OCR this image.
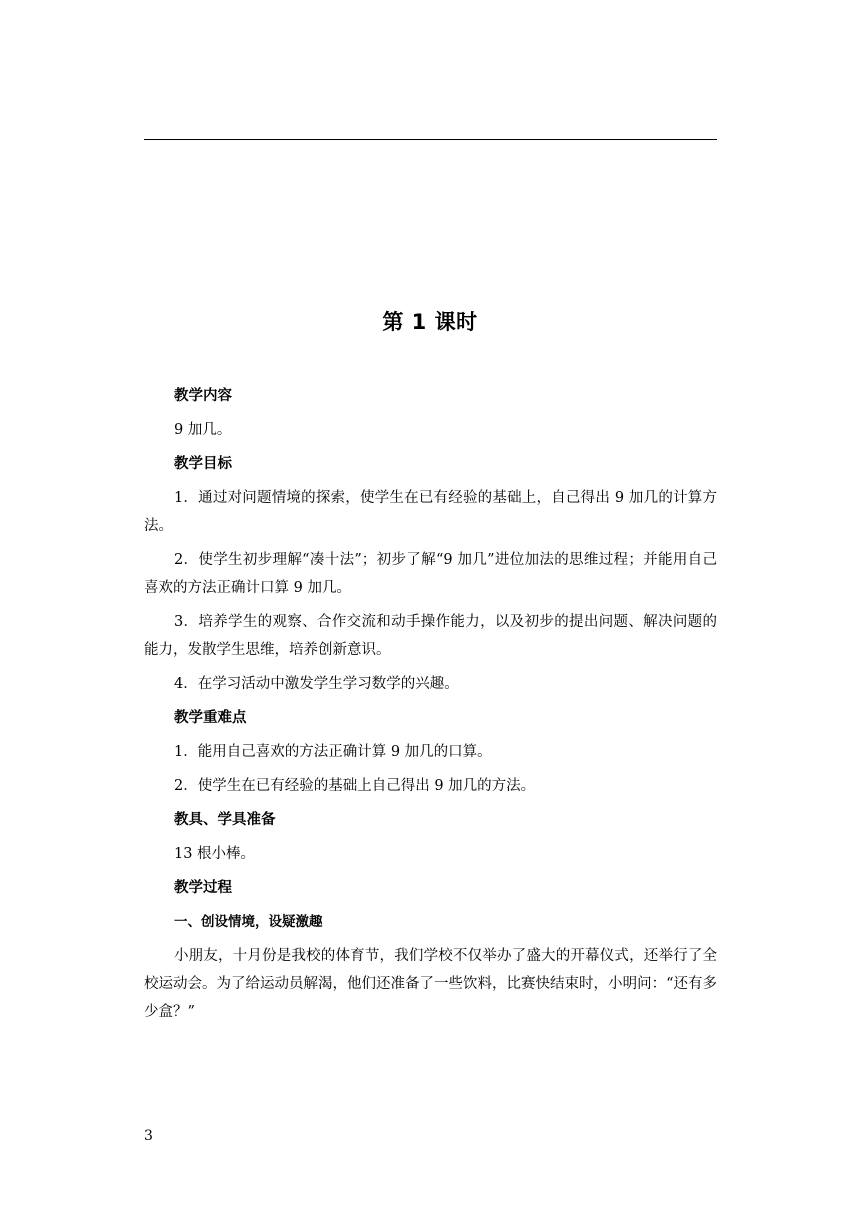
第 1 课时
教学内容
9 加几。
教学目标
1．通过对问题情境的探索，使学生在已有经验的基础上，自己得出 9 加几的计算方法。
2．使学生初步理解“凑十法”；初步了解“9 加几”进位加法的思维过程；并能用自己喜欢的方法正确计口算 9 加几。
3．培养学生的观察、合作交流和动手操作能力，以及初步的提出问题、解决问题的能力，发散学生思维，培养创新意识。
4．在学习活动中激发学生学习数学的兴趣。
教学重难点
1．能用自己喜欢的方法正确计算 9 加几的口算。
2．使学生在已有经验的基础上自己得出 9 加几的方法。
教具、学具准备
13 根小棒。
教学过程
一、创设情境，设疑激趣
小朋友，十月份是我校的体育节，我们学校不仅举办了盛大的开幕仪式，还举行了全校运动会。为了给运动员解渴，他们还准备了一些饮料，比赛快结束时，小明问：“还有多少盒？”
3
